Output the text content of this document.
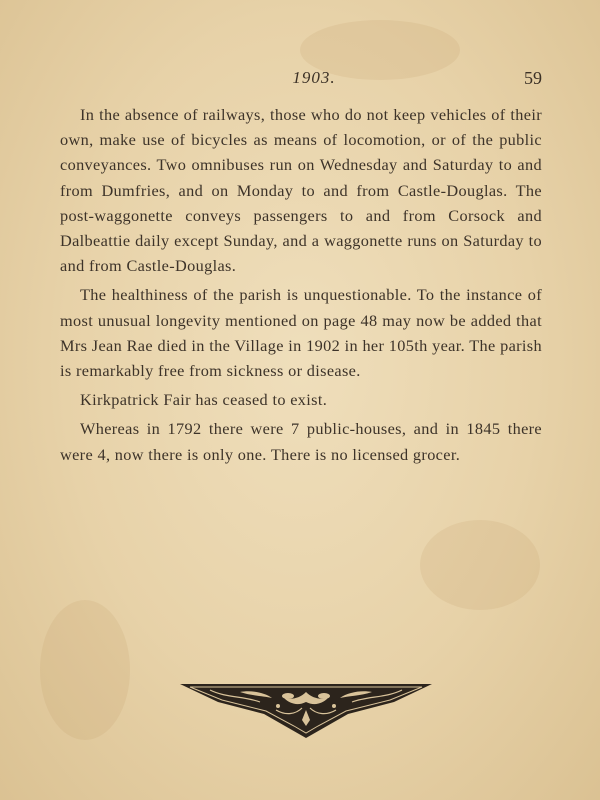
1903.	59

In the absence of railways, those who do not keep vehicles of their own, make use of bicycles as means of locomotion, or of the public conveyances. Two omnibuses run on Wednesday and Saturday to and from Dumfries, and on Monday to and from Castle-Douglas. The post-waggonette conveys passengers to and from Corsock and Dalbeattie daily except Sunday, and a waggonette runs on Saturday to and from Castle-Douglas.

The healthiness of the parish is unquestionable. To the instance of most unusual longevity mentioned on page 48 may now be added that Mrs Jean Rae died in the Village in 1902 in her 105th year. The parish is remarkably free from sickness or disease.

Kirkpatrick Fair has ceased to exist.

Whereas in 1792 there were 7 public-houses, and in 1845 there were 4, now there is only one. There is no licensed grocer.
